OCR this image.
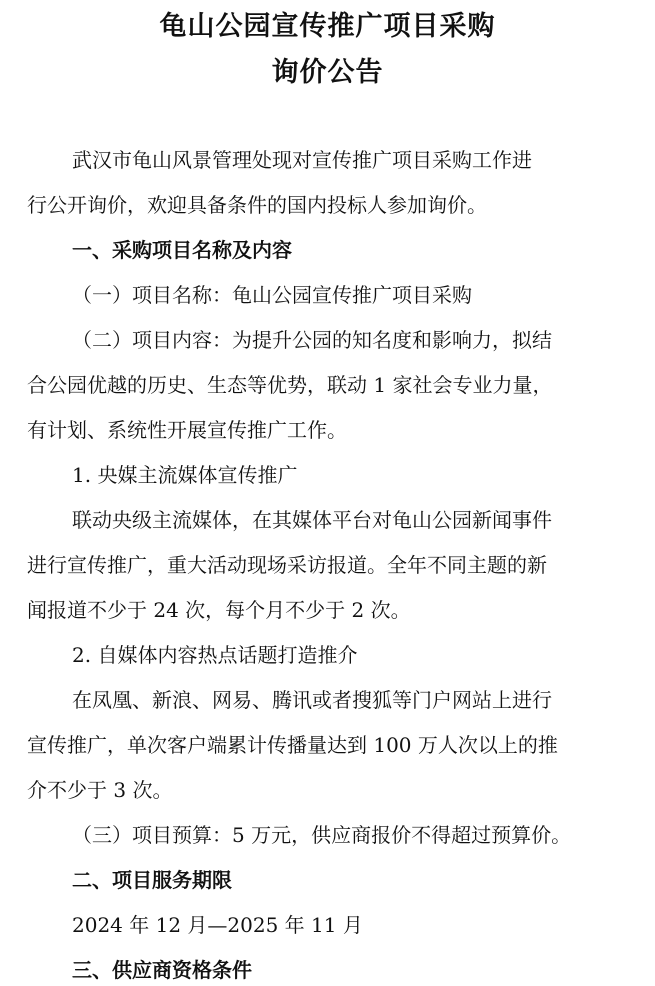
龟山公园宣传推广项目采购
询价公告
武汉市龟山风景管理处现对宣传推广项目采购工作进
行公开询价，欢迎具备条件的国内投标人参加询价。
一、采购项目名称及内容
（一）项目名称：龟山公园宣传推广项目采购
（二）项目内容：为提升公园的知名度和影响力，拟结
合公园优越的历史、生态等优势，联动 1 家社会专业力量，
有计划、系统性开展宣传推广工作。
1. 央媒主流媒体宣传推广
联动央级主流媒体，在其媒体平台对龟山公园新闻事件
进行宣传推广，重大活动现场采访报道。全年不同主题的新
闻报道不少于 24 次，每个月不少于 2 次。
2. 自媒体内容热点话题打造推介
在凤凰、新浪、网易、腾讯或者搜狐等门户网站上进行
宣传推广，单次客户端累计传播量达到 100 万人次以上的推
介不少于 3 次。
（三）项目预算：5 万元，供应商报价不得超过预算价。
二、项目服务期限
2024 年 12 月—2025 年 11 月
三、供应商资格条件
